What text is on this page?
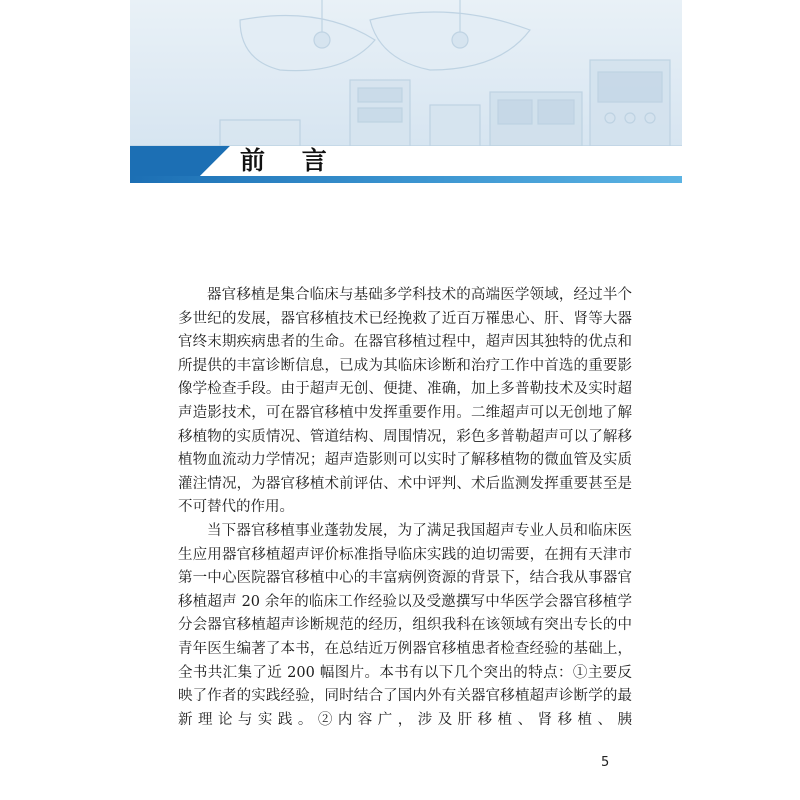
前 言

器官移植是集合临床与基础多学科技术的高端医学领域，经过半个多世纪的发展，器官移植技术已经挽救了近百万罹患心、肝、肾等大器官终末期疾病患者的生命。在器官移植过程中，超声因其独特的优点和所提供的丰富诊断信息，已成为其临床诊断和治疗工作中首选的重要影像学检查手段。由于超声无创、便捷、准确，加上多普勒技术及实时超声造影技术，可在器官移植中发挥重要作用。二维超声可以无创地了解移植物的实质情况、管道结构、周围情况，彩色多普勒超声可以了解移植物血流动力学情况；超声造影则可以实时了解移植物的微血管及实质灌注情况，为器官移植术前评估、术中评判、术后监测发挥重要甚至是不可替代的作用。

当下器官移植事业蓬勃发展，为了满足我国超声专业人员和临床医生应用器官移植超声评价标准指导临床实践的迫切需要，在拥有天津市第一中心医院器官移植中心的丰富病例资源的背景下，结合我从事器官移植超声 20 余年的临床工作经验以及受邀撰写中华医学会器官移植学分会器官移植超声诊断规范的经历，组织我科在该领域有突出专长的中青年医生编著了本书，在总结近万例器官移植患者检查经验的基础上，全书共汇集了近 200 幅图片。本书有以下几个突出的特点：①主要反映了作者的实践经验，同时结合了国内外有关器官移植超声诊断学的最新理论与实践。②内容广，涉及肝移植、肾移植、胰

5
